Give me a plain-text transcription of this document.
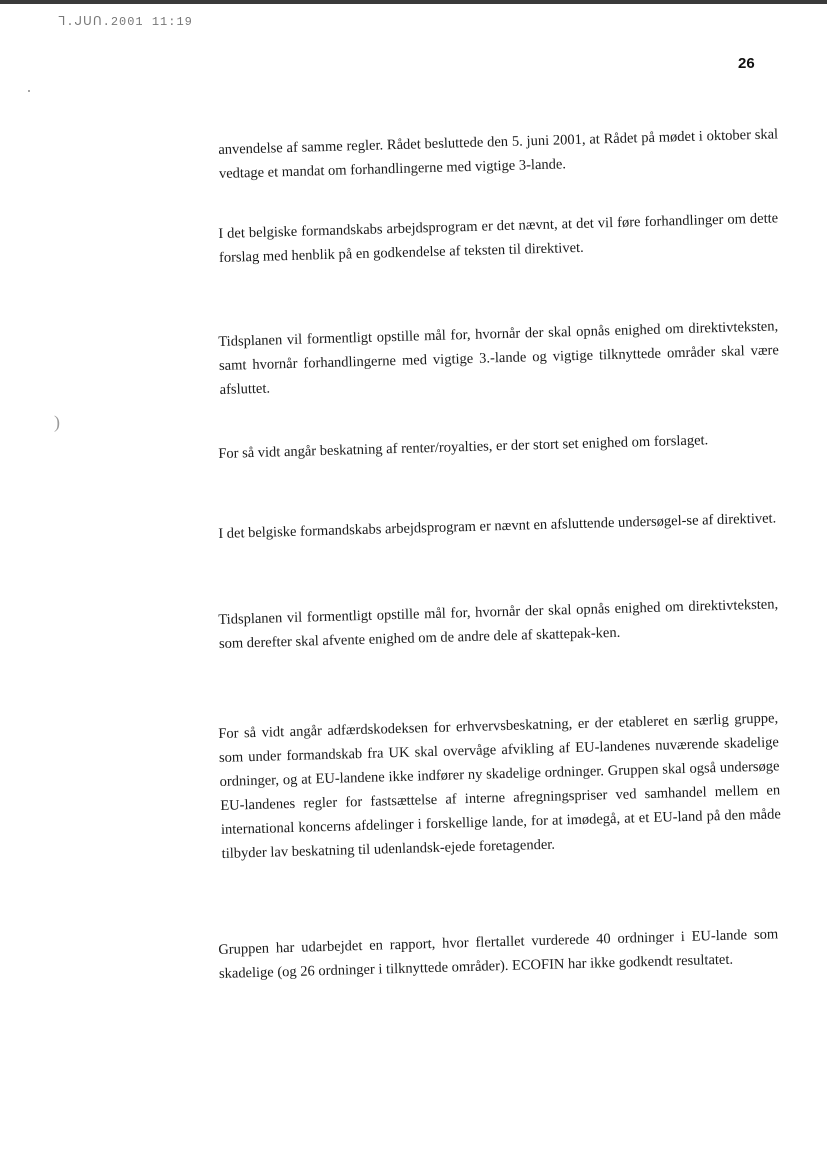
ᒣ.ᒍᑌᑎ.2001 11:19
26
)

anvendelse af samme regler. Rådet besluttede den 5. juni 2001, at Rådet på mødet i oktober skal vedtage et mandat om forhandlingerne med vigtige 3-lande.

I det belgiske formandskabs arbejdsprogram er det nævnt, at det vil føre forhandlinger om dette forslag med henblik på en godkendelse af teksten til direktivet.

Tidsplanen vil formentligt opstille mål for, hvornår der skal opnås enighed om direktivteksten, samt hvornår forhandlingerne med vigtige 3.-lande og vigtige tilknyttede områder skal være afsluttet.

For så vidt angår beskatning af renter/royalties, er der stort set enighed om forslaget.

I det belgiske formandskabs arbejdsprogram er nævnt en afsluttende undersøgel-se af direktivet.

Tidsplanen vil formentligt opstille mål for, hvornår der skal opnås enighed om direktivteksten, som derefter skal afvente enighed om de andre dele af skattepak-ken.

For så vidt angår adfærdskodeksen for erhvervsbeskatning, er der etableret en særlig gruppe, som under formandskab fra UK skal overvåge afvikling af EU-landenes nuværende skadelige ordninger, og at EU-landene ikke indfører ny skadelige ordninger. Gruppen skal også undersøge EU-landenes regler for fastsættelse af interne afregningspriser ved samhandel mellem en international koncerns afdelinger i forskellige lande, for at imødegå, at et EU-land på den måde tilbyder lav beskatning til udenlandsk-ejede foretagender.

Gruppen har udarbejdet en rapport, hvor flertallet vurderede 40 ordninger i EU-lande som skadelige (og 26 ordninger i tilknyttede områder). ECOFIN har ikke godkendt resultatet.
